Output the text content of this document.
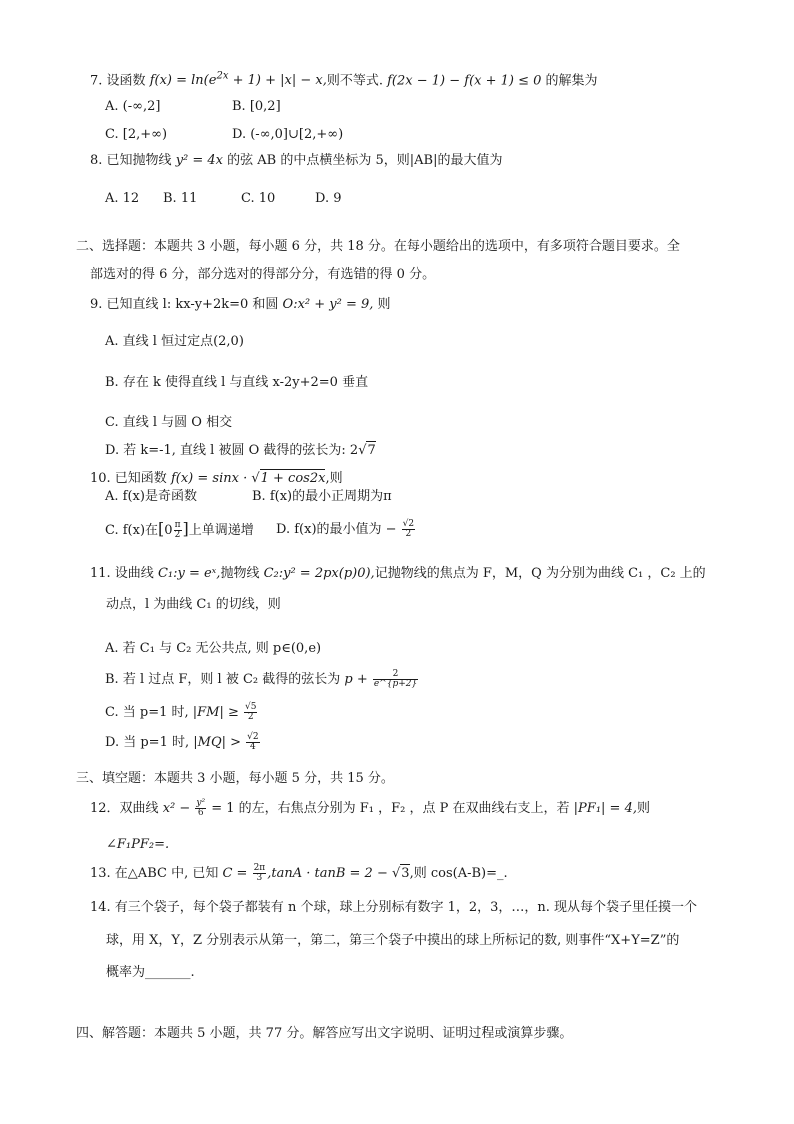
7. 设函数 $f(x) = \ln(e^{2x} + 1) + |x| - x$,则不等式. f(2x − 1) − f(x + 1) ≤ 0 的解集为
A. (-∞,2]	B. [0,2]
C. [2,+∞)	D. (-∞,0]∪[2,+∞)
8. 已知抛物线 y² = 4x 的弦 AB 的中点横坐标为 5，则|AB|的最大值为
A. 12 B. 11	C. 10	D. 9
二、选择题：本题共 3 小题，每小题 6 分，共 18 分。在每小题给出的选项中，有多项符合题目要求。全
部选对的得 6 分，部分选对的得部分分，有选错的得 0 分。
9. 已知直线 l: kx-y+2k=0 和圆 O:x² + y² = 9, 则
A. 直线 l 恒过定点(2,0)
B. 存在 k 使得直线 l 与直线 x-2y+2=0 垂直
C. 直线 l 与圆 O 相交
D. 若 k=-1, 直线 l 被圆 O 截得的弦长为: 2√7
10. 已知函数 f(x) = sinx · √1 + cos2x,则
A. f(x)是奇函数	B. f(x)的最小正周期为π
C. f(x)在[$0 \frac{\pi}{2}$ ]上单调递增 D. f(x)的最小值为 − $\frac{√2}{2}$
11. 设曲线 C₁:y = eˣ,抛物线 C₂:y² = 2px(p)0),记抛物线的焦点为 F，M，Q 为分别为曲线 C₁ ，C₂ 上的
动点，l 为曲线 C₁ 的切线，则
A. 若 C₁ 与 C₂ 无公共点, 则 p∈(0,e)
B. 若 l 过点 F，则 l 被 C₂ 截得的弦长为 $p + \frac{2}{e\^{}\{p+2\}}$
C. 当 p=1 时, $|FM| \ge \frac{√5}{2}$
D. 当 p=1 时, $|MQ| > \frac{√2}{4}$
三、填空题：本题共 3 小题，每小题 5 分，共 15 分。
12．双曲线 $x^2 - \frac{\text{y²}}{6} = 1$ 的左，右焦点分别为 F₁ ，F₂ ，点 P 在双曲线右支上，若 |PF₁| = 4,则
∠F₁PF₂=.
13. 在△ABC 中, 已知 $C = \frac{2\pi}{3} ,\tan A \cdot \tan B = 2 - √3$,则 cos(A-B)=_.
14. 有三个袋子，每个袋子都装有 n 个球，球上分别标有数字 1，2，3，…，n. 现从每个袋子里任摸一个
球，用 X，Y，Z 分别表示从第一，第二，第三个袋子中摸出的球上所标记的数, 则事件“X+Y=Z”的
概率为_______.
四、解答题：本题共 5 小题，共 77 分。解答应写出文字说明、证明过程或演算步骤。
